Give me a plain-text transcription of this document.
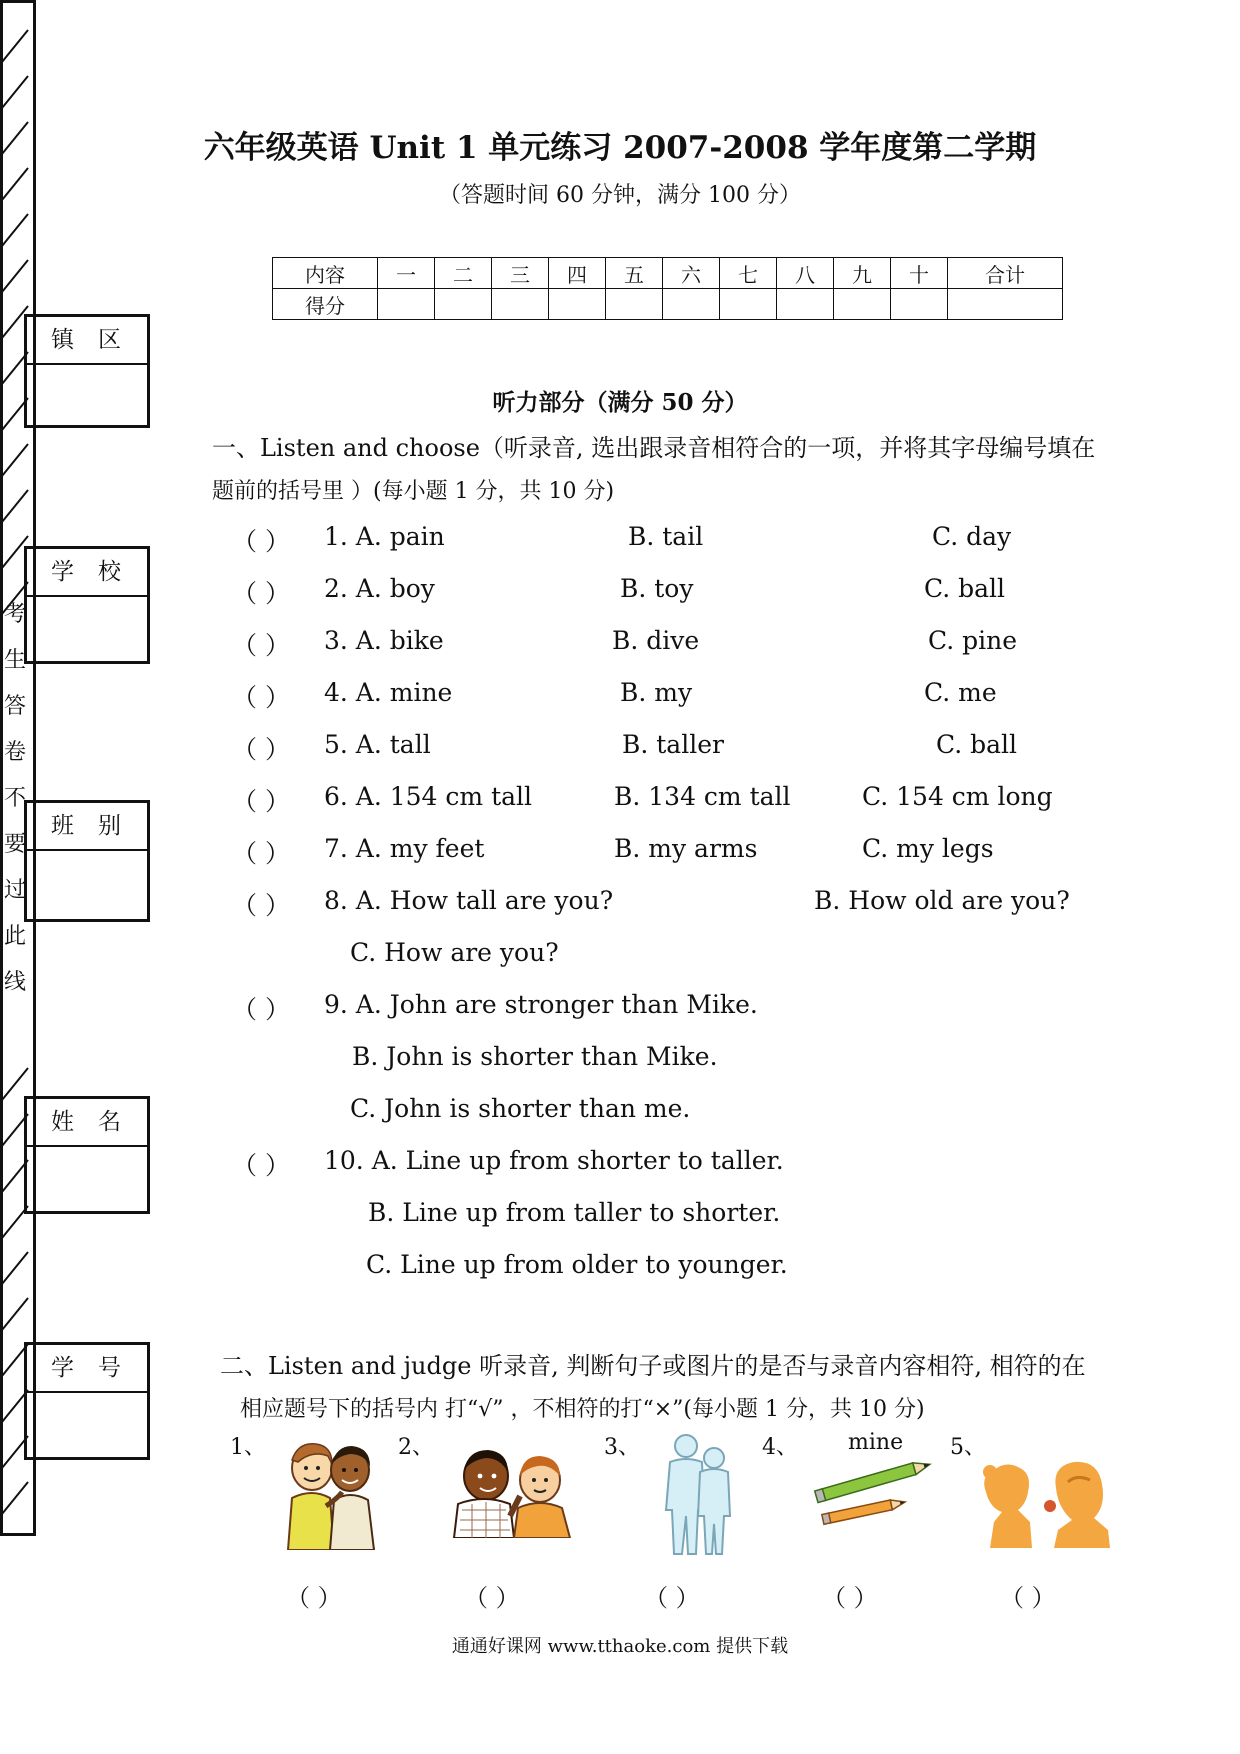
考
生
答
卷
不
要
过
此
线
镇区
学校
班别
姓名
学号
六年级英语 Unit 1 单元练习 2007-2008 学年度第二学期
（答题时间 60 分钟，满分 100 分）
内容	一	二	三	四	五	六	七	八	九	十	合计
得分											
听力部分（满分 50 分）
一、Listen and choose（听录音, 选出跟录音相符合的一项，并将其字母编号填在
题前的括号里 ）(每小题 1 分，共 10 分)
（ ） 1. A. pain	B. tail	C. day
（ ） 2. A. boy	B. toy	C. ball
（ ） 3. A. bike	B. dive	C. pine
（ ） 4. A. mine	B. my	C. me
（ ） 5. A. tall	B. taller	C. ball
（ ） 6. A. 154 cm tall	B. 134 cm tall	C. 154 cm long
（ ） 7. A. my feet	B. my arms	C. my legs
（ ） 8. A. How tall are you?	B. How old are you?
C. How are you?
（ ） 9. A. John are stronger than Mike.
B. John is shorter than Mike.
C. John is shorter than me.
（ ） 10. A. Line up from shorter to taller.
B. Line up from taller to shorter.
C. Line up from older to younger.
二、Listen and judge 听录音, 判断句子或图片的是否与录音内容相符, 相符的在
相应题号下的括号内 打“√” ，不相符的打“×”(每小题 1 分，共 10 分)
1、	2、	3、	4、 mine 5、
（ ）	（ ）	（ ）	（ ）	（ ）
通通好课网 www.tthaoke.com 提供下载
